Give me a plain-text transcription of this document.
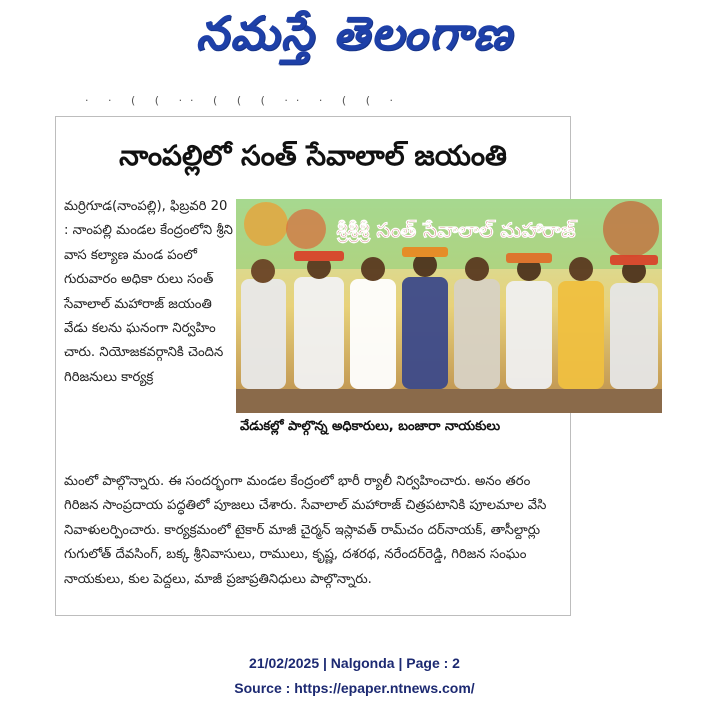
నమస్తే తెలంగాణ
· · ( ( ·· ( ( ( ·· · ( ( ·
నాంపల్లిలో సంత్ సేవాలాల్ జయంతి
మర్రిగూడ(నాంపల్లి), ఫిబ్రవరి 20 : నాంపల్లి మండల కేంద్రంలోని శ్రీని వాస కల్యాణ మండ పంలో గురువారం అధికా రులు సంత్ సేవాలాల్ మహారాజ్ జయంతి వేడు కలను ఘనంగా నిర్వహిం చారు. నియోజకవర్గానికి చెందిన గిరిజనులు కార్యక్ర
శ్రీశ్రీశ్రీ సంత్ సేవాలాల్ మహారాజ్
వేడుకల్లో పాల్గొన్న అధికారులు, బంజారా నాయకులు
మంలో పాల్గొన్నారు. ఈ సందర్భంగా మండల కేంద్రంలో భారీ ర్యాలీ నిర్వహించారు. అనం తరం గిరిజన సాంప్రదాయ పద్ధతిలో పూజలు చేశారు. సేవాలాల్ మహారాజ్ చిత్రపటానికి పూలమాల వేసి నివాళులర్పించారు. కార్యక్రమంలో టైకార్ మాజీ చైర్మన్ ఇస్లావత్ రామ్‌చం దర్‌నాయక్, తాసీల్దార్లు గుగులోత్ దేవసింగ్, బక్క శ్రీనివాసులు, రాములు, కృష్ణ, దశరథ, నరేందర్‌రెడ్డి, గిరిజన సంఘం నాయకులు, కుల పెద్దలు, మాజీ ప్రజాప్రతినిధులు పాల్గొన్నారు.
21/02/2025 | Nalgonda | Page : 2
Source : https://epaper.ntnews.com/
